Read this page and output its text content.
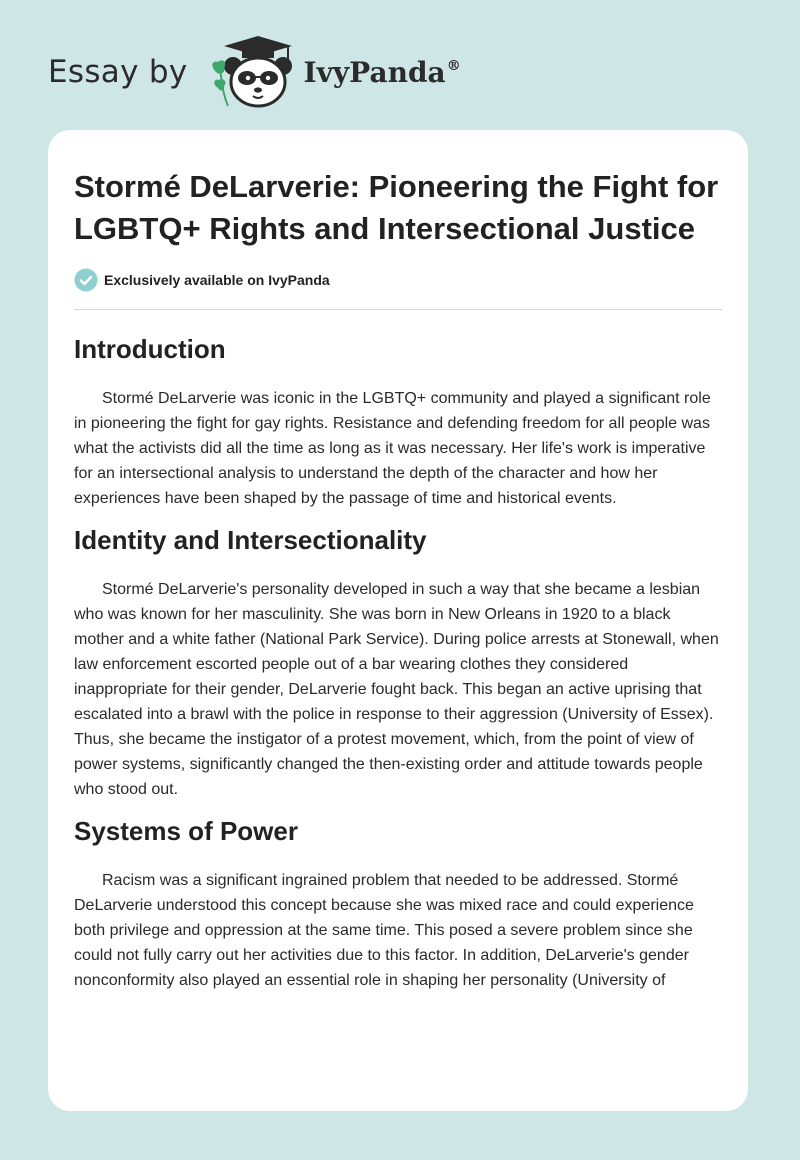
Essay by	IvyPanda®
Stormé DeLarverie: Pioneering the Fight for LGBTQ+ Rights and Intersectional Justice
Exclusively available on IvyPanda
Introduction

Stormé DeLarverie was iconic in the LGBTQ+ community and played a significant role in pioneering the fight for gay rights. Resistance and defending freedom for all people was what the activists did all the time as long as it was necessary. Her life's work is imperative for an intersectional analysis to understand the depth of the character and how her experiences have been shaped by the passage of time and historical events.

Identity and Intersectionality

Stormé DeLarverie's personality developed in such a way that she became a lesbian who was known for her masculinity. She was born in New Orleans in 1920 to a black mother and a white father (National Park Service). During police arrests at Stonewall, when law enforcement escorted people out of a bar wearing clothes they considered inappropriate for their gender, DeLarverie fought back. This began an active uprising that escalated into a brawl with the police in response to their aggression (University of Essex). Thus, she became the instigator of a protest movement, which, from the point of view of power systems, significantly changed the then-existing order and attitude towards people who stood out.

Systems of Power

Racism was a significant ingrained problem that needed to be addressed. Stormé DeLarverie understood this concept because she was mixed race and could experience both privilege and oppression at the same time. This posed a severe problem since she could not fully carry out her activities due to this factor. In addition, DeLarverie's gender nonconformity also played an essential role in shaping her personality (University of
